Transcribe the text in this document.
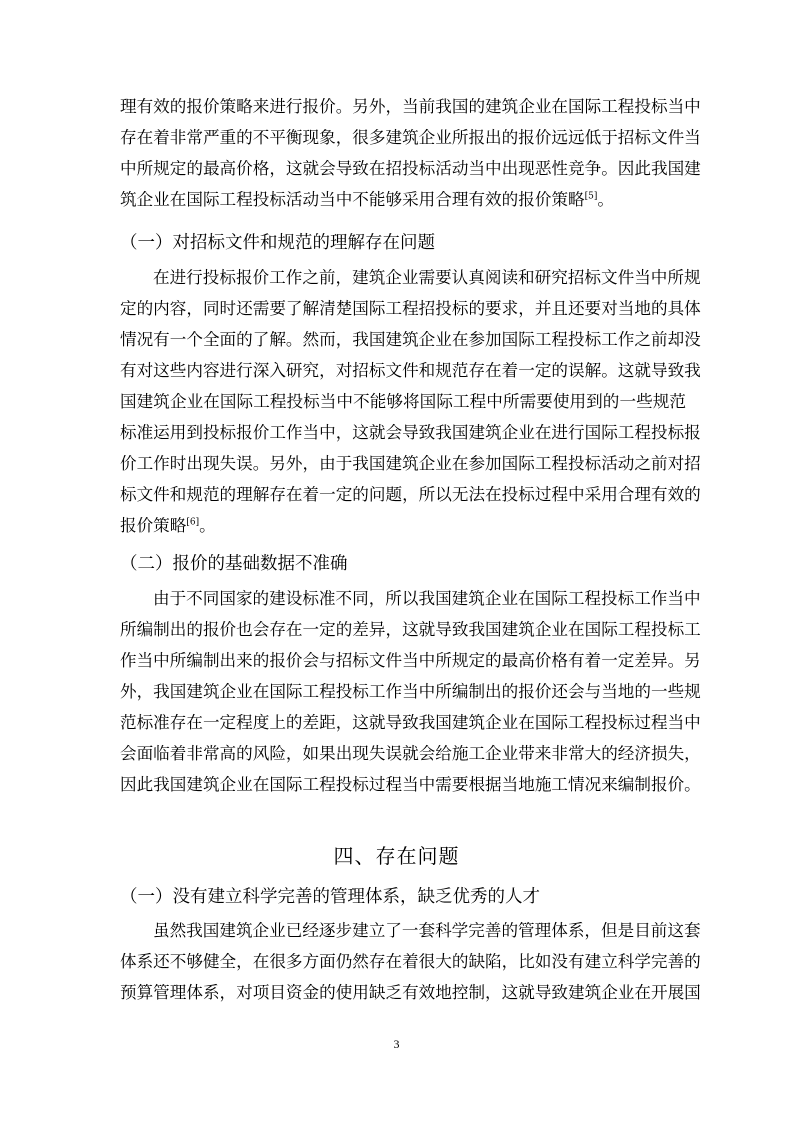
理有效的报价策略来进行报价。另外，当前我国的建筑企业在国际工程投标当中
存在着非常严重的不平衡现象，很多建筑企业所报出的报价远远低于招标文件当
中所规定的最高价格，这就会导致在招投标活动当中出现恶性竞争。因此我国建
筑企业在国际工程投标活动当中不能够采用合理有效的报价策略[5]。
（一）对招标文件和规范的理解存在问题
在进行投标报价工作之前，建筑企业需要认真阅读和研究招标文件当中所规
定的内容，同时还需要了解清楚国际工程招投标的要求，并且还要对当地的具体
情况有一个全面的了解。然而，我国建筑企业在参加国际工程投标工作之前却没
有对这些内容进行深入研究，对招标文件和规范存在着一定的误解。这就导致我
国建筑企业在国际工程投标当中不能够将国际工程中所需要使用到的一些规范
标准运用到投标报价工作当中，这就会导致我国建筑企业在进行国际工程投标报
价工作时出现失误。另外，由于我国建筑企业在参加国际工程投标活动之前对招
标文件和规范的理解存在着一定的问题，所以无法在投标过程中采用合理有效的
报价策略[6]。
（二）报价的基础数据不准确
由于不同国家的建设标准不同，所以我国建筑企业在国际工程投标工作当中
所编制出的报价也会存在一定的差异，这就导致我国建筑企业在国际工程投标工
作当中所编制出来的报价会与招标文件当中所规定的最高价格有着一定差异。另
外，我国建筑企业在国际工程投标工作当中所编制出的报价还会与当地的一些规
范标准存在一定程度上的差距，这就导致我国建筑企业在国际工程投标过程当中
会面临着非常高的风险，如果出现失误就会给施工企业带来非常大的经济损失，
因此我国建筑企业在国际工程投标过程当中需要根据当地施工情况来编制报价。
四、存在问题
（一）没有建立科学完善的管理体系，缺乏优秀的人才
虽然我国建筑企业已经逐步建立了一套科学完善的管理体系，但是目前这套
体系还不够健全，在很多方面仍然存在着很大的缺陷，比如没有建立科学完善的
预算管理体系，对项目资金的使用缺乏有效地控制，这就导致建筑企业在开展国
3
